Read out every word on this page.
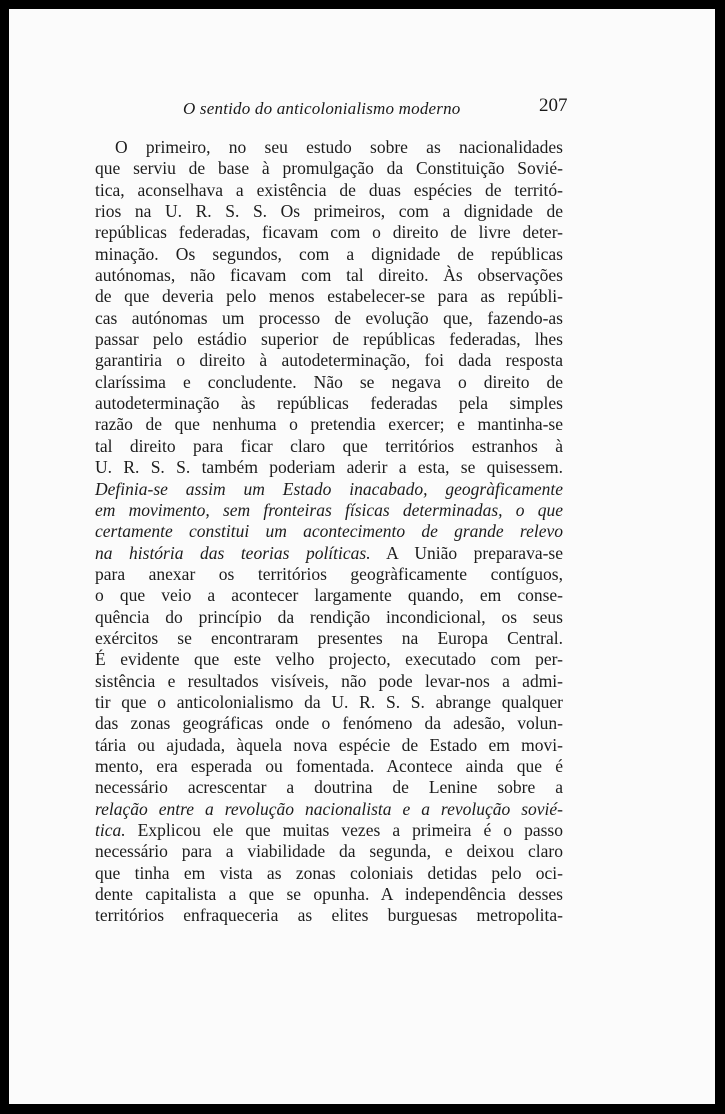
O sentido do anticolonialismo moderno	207
O primeiro, no seu estudo sobre as nacionalidades
que serviu de base à promulgação da Constituição Sovié-
tica, aconselhava a existência de duas espécies de territó-
rios na U. R. S. S. Os primeiros, com a dignidade de
repúblicas federadas, ficavam com o direito de livre deter-
minação. Os segundos, com a dignidade de repúblicas
autónomas, não ficavam com tal direito. Às observações
de que deveria pelo menos estabelecer-se para as repúbli-
cas autónomas um processo de evolução que, fazendo-as
passar pelo estádio superior de repúblicas federadas, lhes
garantiria o direito à autodeterminação, foi dada resposta
claríssima e concludente. Não se negava o direito de
autodeterminação às repúblicas federadas pela simples
razão de que nenhuma o pretendia exercer; e mantinha-se
tal direito para ficar claro que territórios estranhos à
U. R. S. S. também poderiam aderir a esta, se quisessem.
Definia-se assim um Estado inacabado, geogràficamente
em movimento, sem fronteiras físicas determinadas, o que
certamente constitui um acontecimento de grande relevo
na história das teorias políticas. A União preparava-se
para anexar os territórios geogràficamente contíguos,
o que veio a acontecer largamente quando, em conse-
quência do princípio da rendição incondicional, os seus
exércitos se encontraram presentes na Europa Central.
É evidente que este velho projecto, executado com per-
sistência e resultados visíveis, não pode levar-nos a admi-
tir que o anticolonialismo da U. R. S. S. abrange qualquer
das zonas geográficas onde o fenómeno da adesão, volun-
tária ou ajudada, àquela nova espécie de Estado em movi-
mento, era esperada ou fomentada. Acontece ainda que é
necessário acrescentar a doutrina de Lenine sobre a
relação entre a revolução nacionalista e a revolução sovié-
tica. Explicou ele que muitas vezes a primeira é o passo
necessário para a viabilidade da segunda, e deixou claro
que tinha em vista as zonas coloniais detidas pelo oci-
dente capitalista a que se opunha. A independência desses
territórios enfraqueceria as elites burguesas metropolita-
